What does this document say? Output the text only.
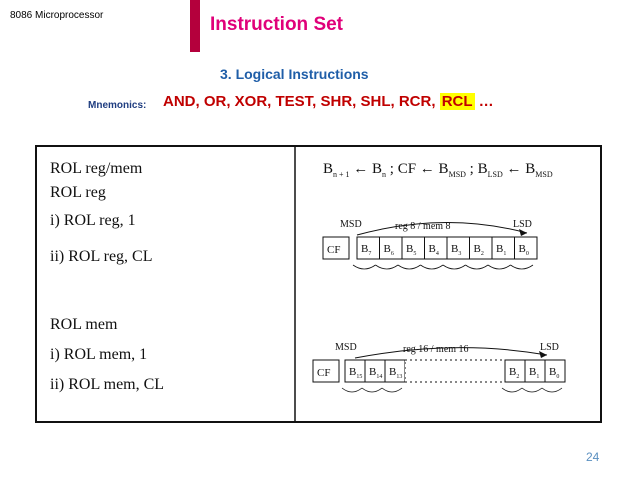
8086 Microprocessor	Instruction Set
3. Logical Instructions
Mnemonics: AND, OR, XOR, TEST, SHR, SHL, RCR, RCL …
ROL reg/mem
ROL reg
i) ROL reg, 1
ii) ROL reg, CL
ROL mem
i) ROL mem, 1
ii) ROL mem, CL
$B_{n + 1}$ ← $B_n$ ; CF ← $B_{MSD}$ ; $B_{LSD}$ ← $B_{MSD}$
MSD	LSD
reg 8 / mem 8
CF $B_7$ $B_6$ $B_5$ $B_4$ $B_3$ $B_2$ $B_1$ $B_0$
MSD	LSD
reg 16 / mem 16
CF $B_{15}$ $B_{14}$ $B_{13}$	$B_2$ $B_1$ $B_0$
24
